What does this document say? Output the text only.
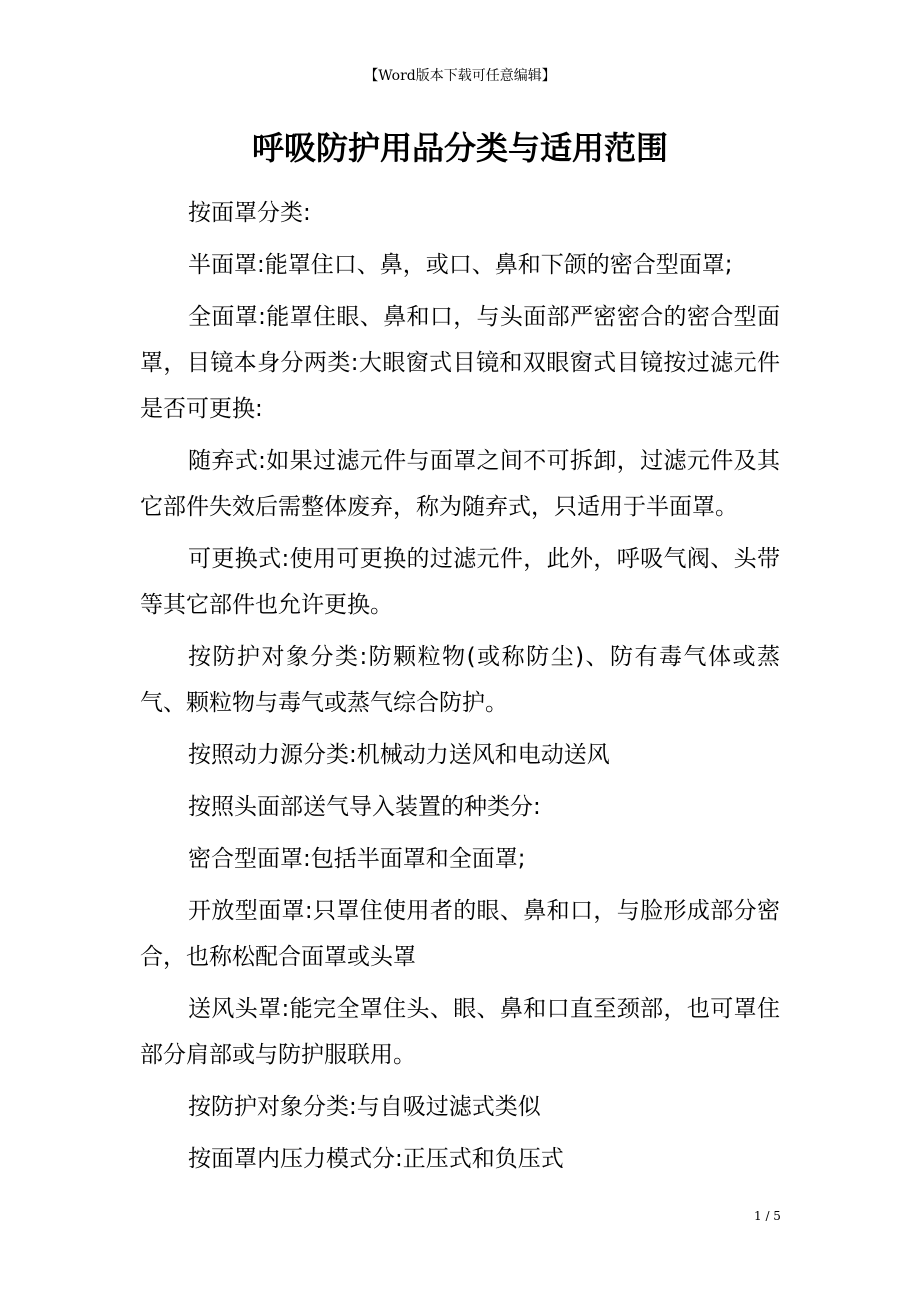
【Word版本下载可任意编辑】
呼吸防护用品分类与适用范围

按面罩分类:

半面罩:能罩住口、鼻，或口、鼻和下颌的密合型面罩;

全面罩:能罩住眼、鼻和口，与头面部严密密合的密合型面罩，目镜本身分两类:大眼窗式目镜和双眼窗式目镜按过滤元件是否可更换:

随弃式:如果过滤元件与面罩之间不可拆卸，过滤元件及其它部件失效后需整体废弃，称为随弃式，只适用于半面罩。

可更换式:使用可更换的过滤元件，此外，呼吸气阀、头带等其它部件也允许更换。

按防护对象分类:防颗粒物(或称防尘)、防有毒气体或蒸气、颗粒物与毒气或蒸气综合防护。

按照动力源分类:机械动力送风和电动送风

按照头面部送气导入装置的种类分:

密合型面罩:包括半面罩和全面罩;

开放型面罩:只罩住使用者的眼、鼻和口，与脸形成部分密合，也称松配合面罩或头罩

送风头罩:能完全罩住头、眼、鼻和口直至颈部，也可罩住部分肩部或与防护服联用。

按防护对象分类:与自吸过滤式类似

按面罩内压力模式分:正压式和负压式

1 / 5
